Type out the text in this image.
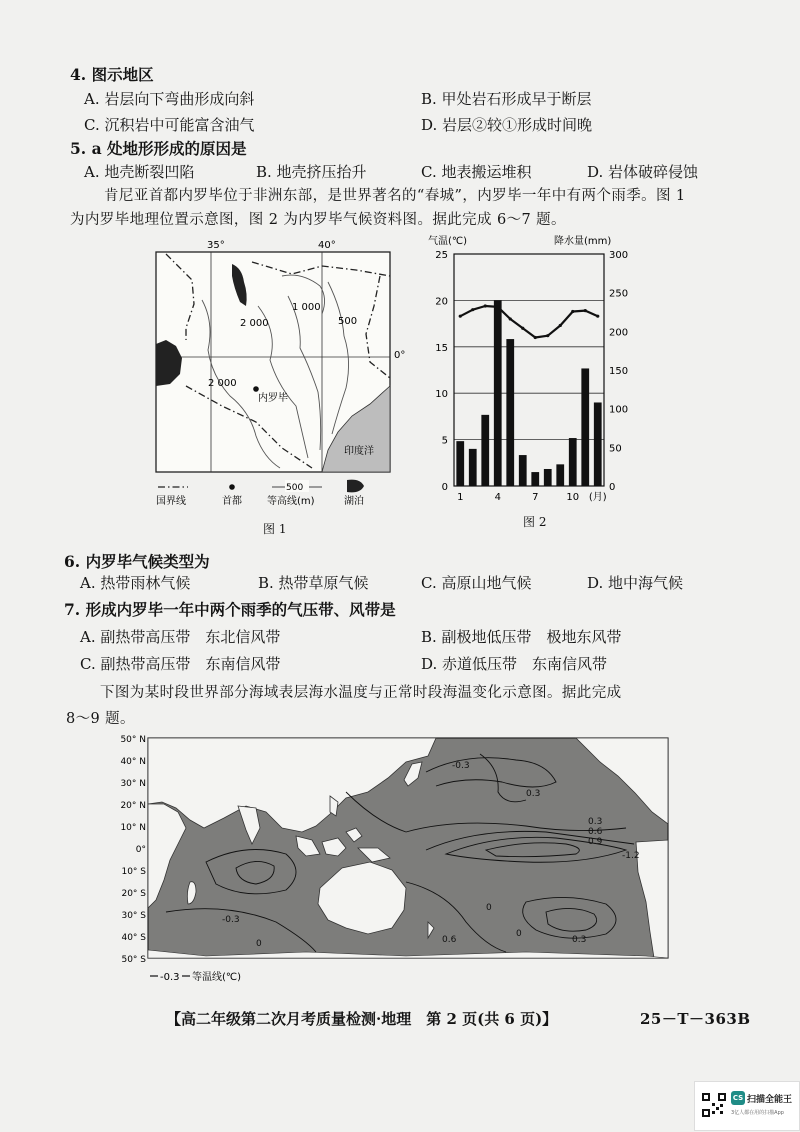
4. 图示地区
A. 岩层向下弯曲形成向斜	B. 甲处岩石形成早于断层
C. 沉积岩中可能富含油气	D. 岩层②较①形成时间晚
5. a 处地形形成的原因是
A. 地壳断裂凹陷	B. 地壳挤压抬升	C. 地表搬运堆积	D. 岩体破碎侵蚀
肯尼亚首都内罗毕位于非洲东部，是世界著名的“春城”，内罗毕一年中有两个雨季。图 1
为内罗毕地理位置示意图，图 2 为内罗毕气候资料图。据此完成 6～7 题。
35°	40°
0°
印度洋
2 000
1 000
500
2 000
内罗毕
国界线	首都
500
等高线(m)	湖泊
图 1
气温(℃)	降水量(mm)
0
5
10
15
20
25
0
50
100
150
200
250
300
1	4	7	10 (月)
图 2
6. 内罗毕气候类型为
A. 热带雨林气候	B. 热带草原气候	C. 高原山地气候	D. 地中海气候
7. 形成内罗毕一年中两个雨季的气压带、风带是
A. 副热带高压带　东北信风带	B. 副极地低压带　极地东风带
C. 副热带高压带　东南信风带	D. 赤道低压带　东南信风带
下图为某时段世界部分海域表层海水温度与正常时段海温变化示意图。据此完成
8～9 题。
50° N
40° N
30° N
20° N
10° N
0°
10° S
20° S
30° S
40° S
50° S
-0.3
0.3
0.3
0.6
0.9
-1.2
-0.3
0
0
0.6	0.3
0
-0.3 等温线(℃)
【高二年级第二次月考质量检测·地理　第 2 页(共 6 页)】	25－T－363B
CS 扫描全能王
3亿人都在用的扫描App
